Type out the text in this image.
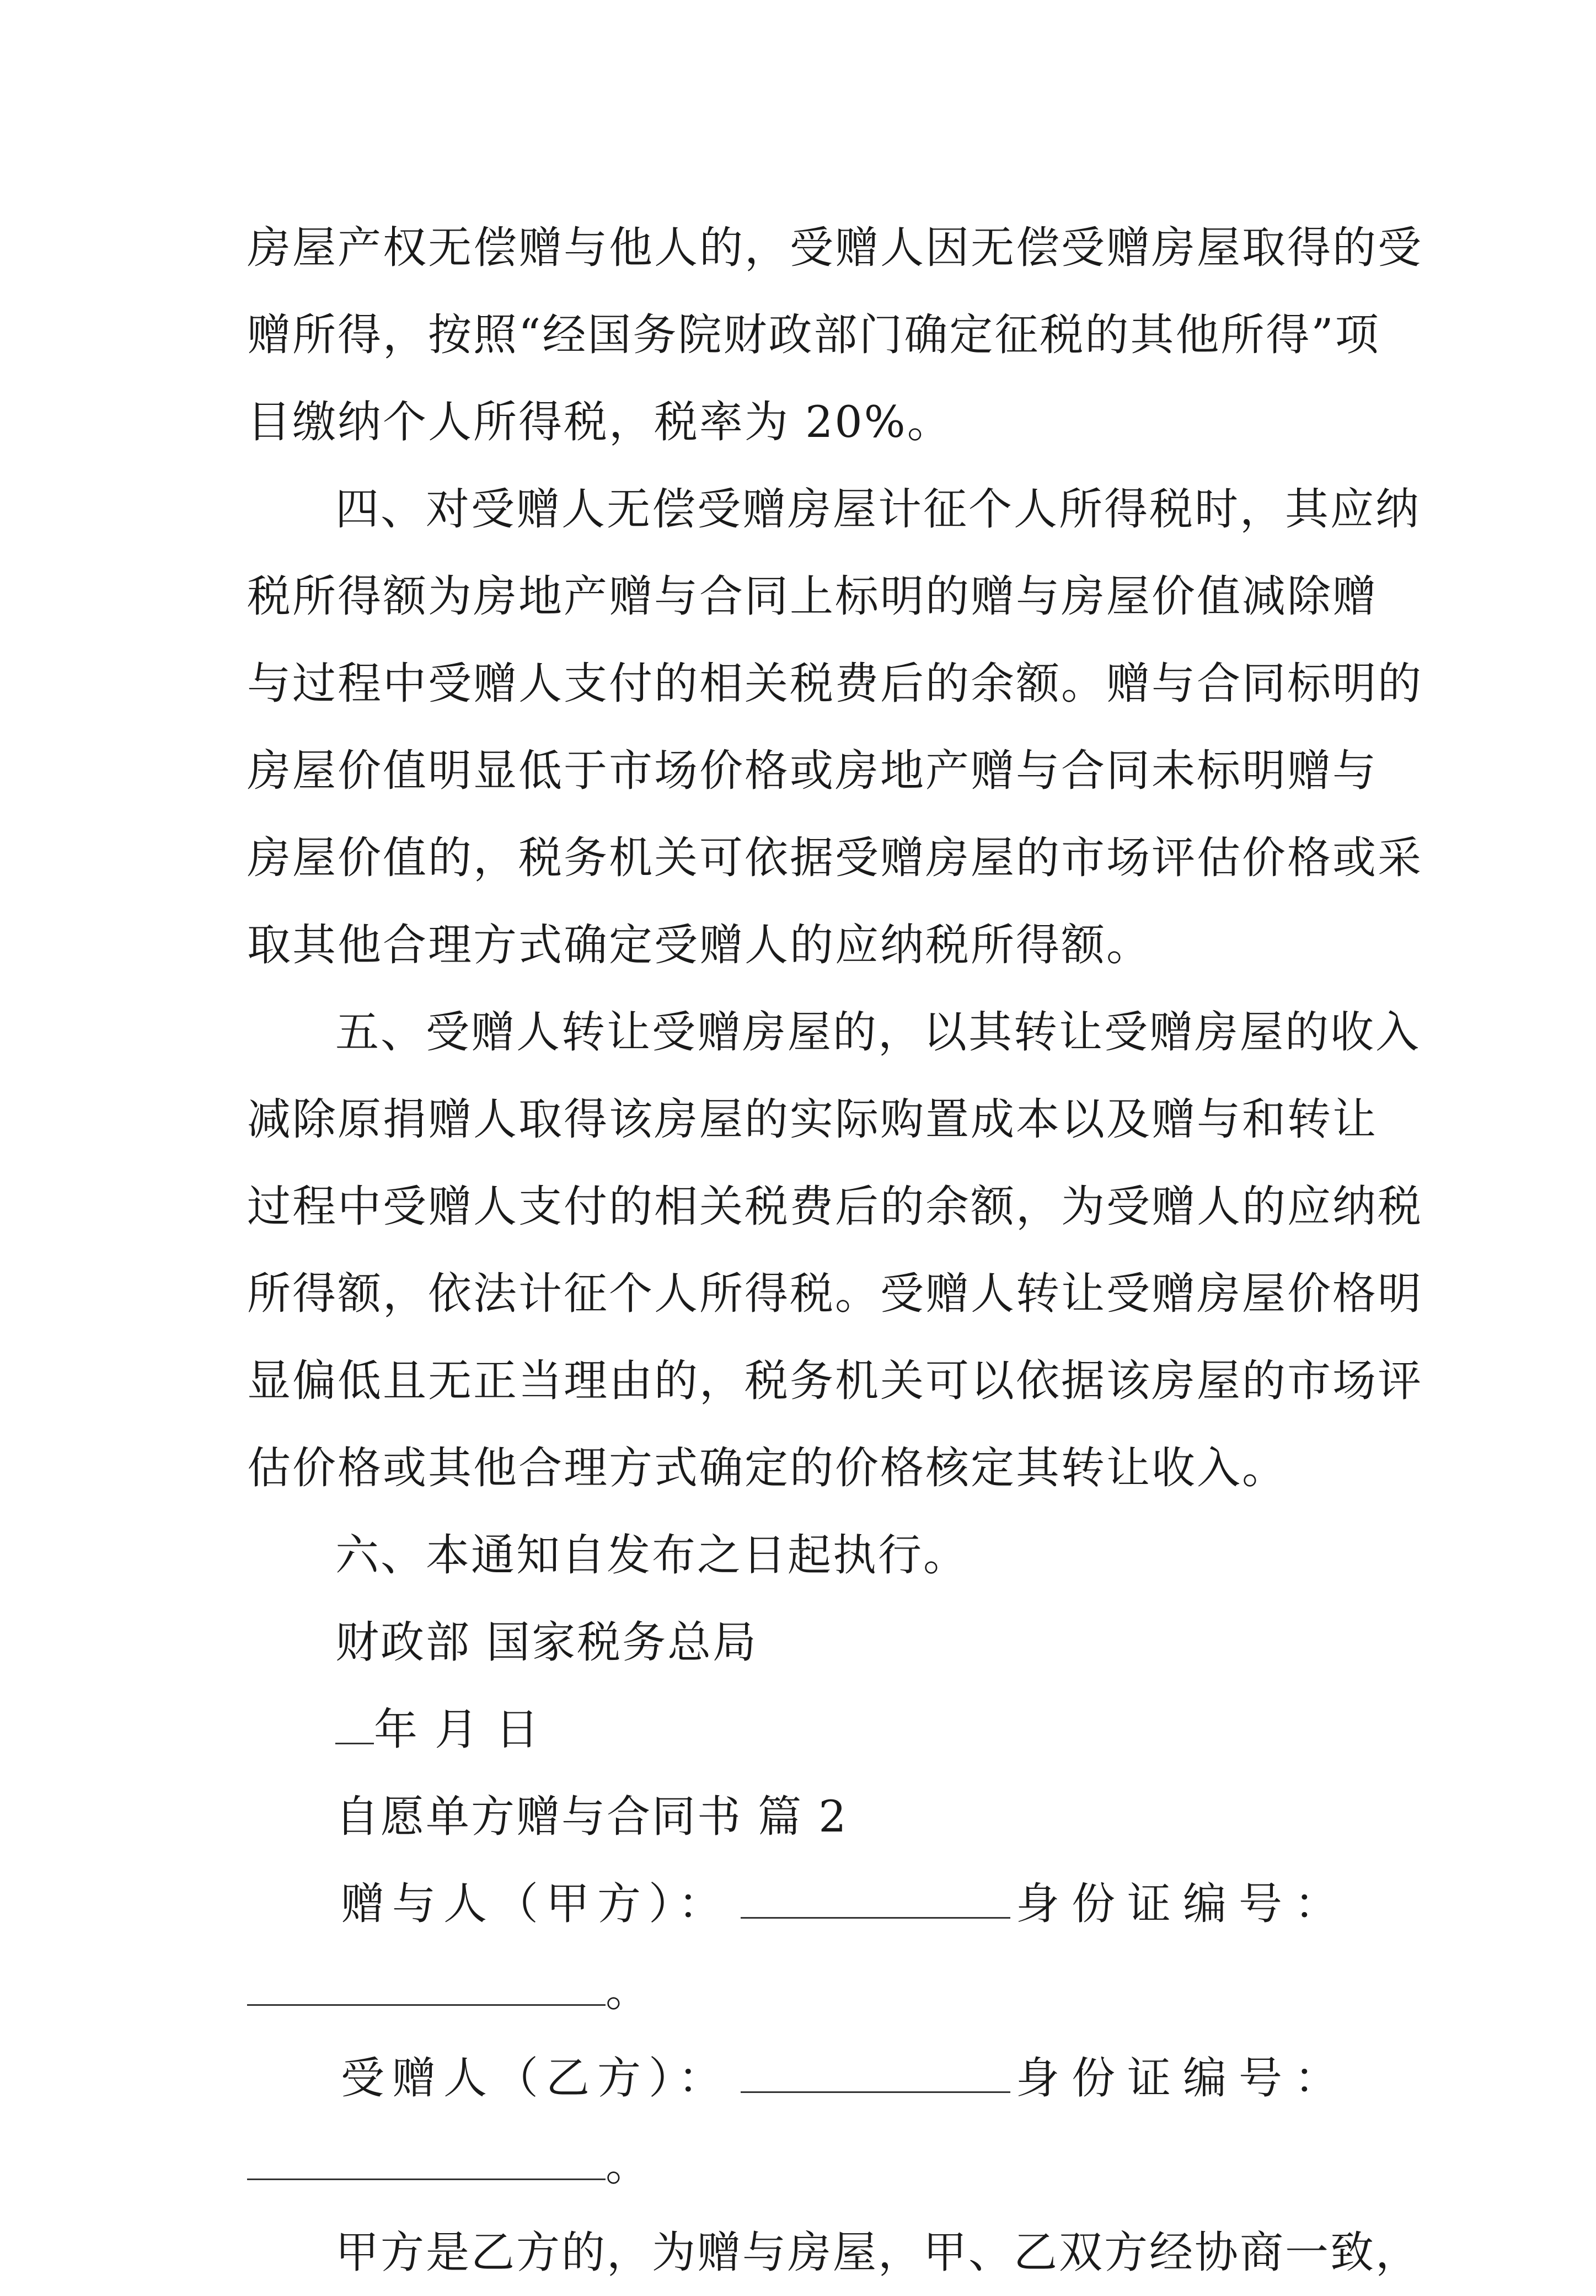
房屋产权无偿赠与他人的，受赠人因无偿受赠房屋取得的受
赠所得，按照“经国务院财政部门确定征税的其他所得”项
目缴纳个人所得税，税率为 20%。
四、对受赠人无偿受赠房屋计征个人所得税时，其应纳
税所得额为房地产赠与合同上标明的赠与房屋价值减除赠
与过程中受赠人支付的相关税费后的余额。赠与合同标明的
房屋价值明显低于市场价格或房地产赠与合同未标明赠与
房屋价值的，税务机关可依据受赠房屋的市场评估价格或采
取其他合理方式确定受赠人的应纳税所得额。
五、受赠人转让受赠房屋的，以其转让受赠房屋的收入
减除原捐赠人取得该房屋的实际购置成本以及赠与和转让
过程中受赠人支付的相关税费后的余额，为受赠人的应纳税
所得额，依法计征个人所得税。受赠人转让受赠房屋价格明
显偏低且无正当理由的，税务机关可以依据该房屋的市场评
估价格或其他合理方式确定的价格核定其转让收入。
六、本通知自发布之日起执行。
财政部 国家税务总局
年 月 日
自愿单方赠与合同书 篇 2
赠与人（甲方）：	身份证编号：
。
受赠人（乙方）：	身份证编号：
。
甲方是乙方的，为赠与房屋，甲、乙双方经协商一致，
